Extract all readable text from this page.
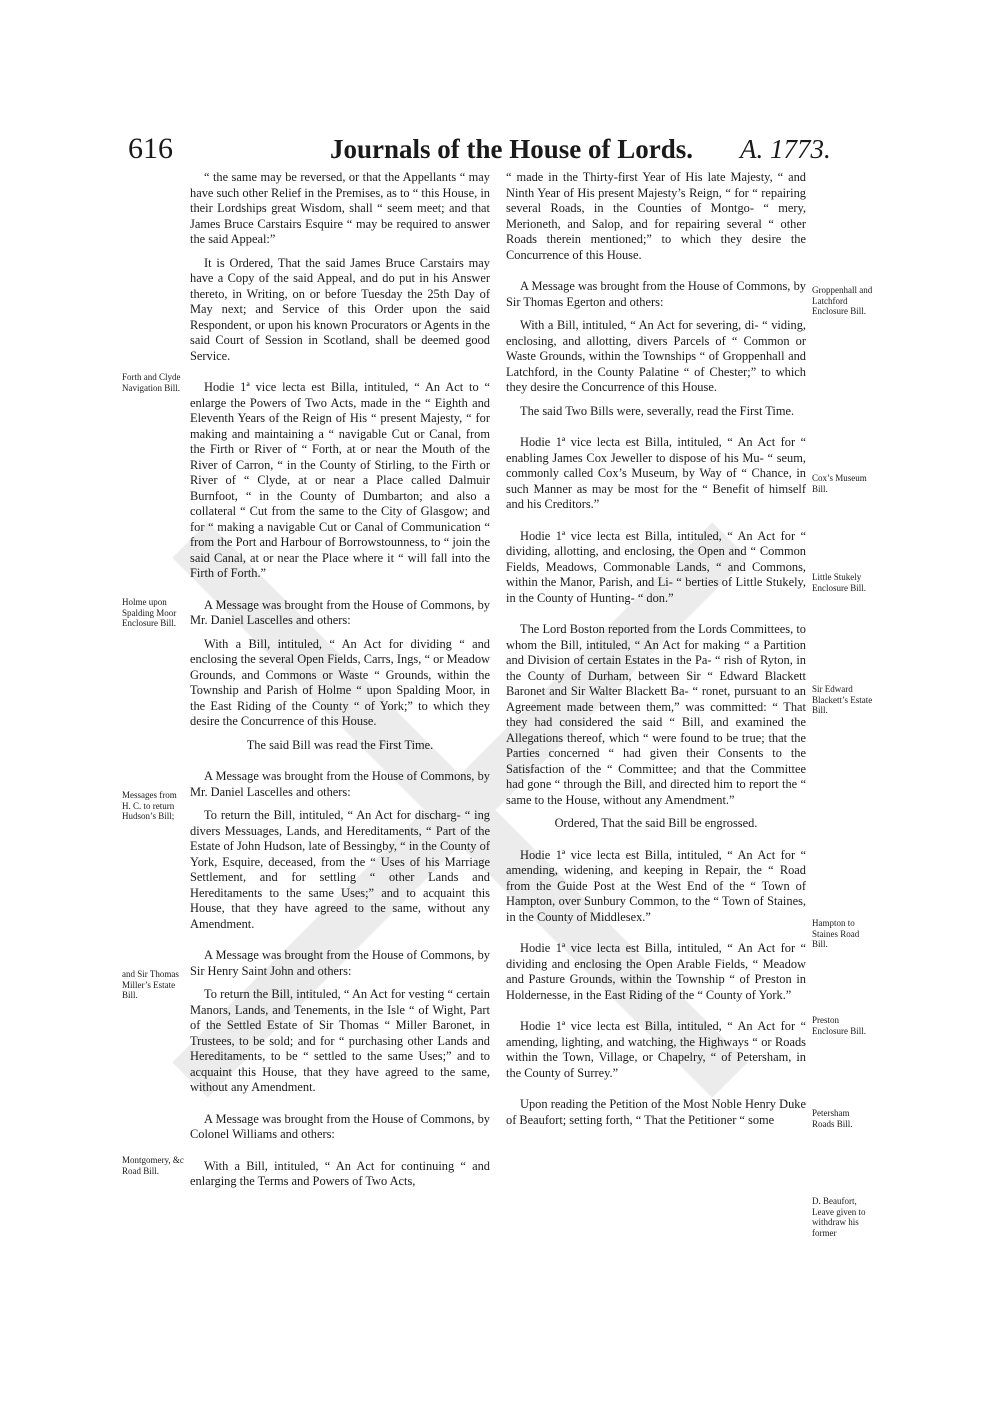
616	Journals of the House of Lords. A. 1773.

“ the same may be reversed, or that the Appellants “ may have such other Relief in the Premises, as to “ this House, in their Lordships great Wisdom, shall “ seem meet; and that James Bruce Carstairs Esquire “ may be required to answer the said Appeal:”

It is Ordered, That the said James Bruce Carstairs may have a Copy of the said Appeal, and do put in his Answer thereto, in Writing, on or before Tuesday the 25th Day of May next; and Service of this Order upon the said Respondent, or upon his known Procurators or Agents in the said Court of Session in Scotland, shall be deemed good Service.

Hodie 1ª vice lecta est Billa, intituled, “ An Act to “ enlarge the Powers of Two Acts, made in the “ Eighth and Eleventh Years of the Reign of His “ present Majesty, “ for making and maintaining a “ navigable Cut or Canal, from the Firth or River of “ Forth, at or near the Mouth of the River of Carron, “ in the County of Stirling, to the Firth or River of “ Clyde, at or near a Place called Dalmuir Burnfoot, “ in the County of Dumbarton; and also a collateral “ Cut from the same to the City of Glasgow; and for “ making a navigable Cut or Canal of Communication “ from the Port and Harbour of Borrowstounness, to “ join the said Canal, at or near the Place where it “ will fall into the Firth of Forth.”

A Message was brought from the House of Commons, by Mr. Daniel Lascelles and others:

With a Bill, intituled, “ An Act for dividing “ and enclosing the several Open Fields, Carrs, Ings, “ or Meadow Grounds, and Commons or Waste “ Grounds, within the Township and Parish of Holme “ upon Spalding Moor, in the East Riding of the County “ of York;” to which they desire the Concurrence of this House.

The said Bill was read the First Time.

A Message was brought from the House of Commons, by Mr. Daniel Lascelles and others:

To return the Bill, intituled, “ An Act for discharg- “ ing divers Messuages, Lands, and Hereditaments, “ Part of the Estate of John Hudson, late of Bessingby, “ in the County of York, Esquire, deceased, from the “ Uses of his Marriage Settlement, and for settling “ other Lands and Hereditaments to the same Uses;” and to acquaint this House, that they have agreed to the same, without any Amendment.

A Message was brought from the House of Commons, by Sir Henry Saint John and others:

To return the Bill, intituled, “ An Act for vesting “ certain Manors, Lands, and Tenements, in the Isle “ of Wight, Part of the Settled Estate of Sir Thomas “ Miller Baronet, in Trustees, to be sold; and for “ purchasing other Lands and Hereditaments, to be “ settled to the same Uses;” and to acquaint this House, that they have agreed to the same, without any Amendment.

A Message was brought from the House of Commons, by Colonel Williams and others:

With a Bill, intituled, “ An Act for continuing “ and enlarging the Terms and Powers of Two Acts,

“ made in the Thirty-first Year of His late Majesty, “ and Ninth Year of His present Majesty’s Reign, “ for “ repairing several Roads, in the Counties of Montgo- “ mery, Merioneth, and Salop, and for repairing several “ other Roads therein mentioned;” to which they desire the Concurrence of this House.

A Message was brought from the House of Commons, by Sir Thomas Egerton and others:

With a Bill, intituled, “ An Act for severing, di- “ viding, enclosing, and allotting, divers Parcels of “ Common or Waste Grounds, within the Townships “ of Groppenhall and Latchford, in the County Palatine “ of Chester;” to which they desire the Concurrence of this House.

The said Two Bills were, severally, read the First Time.

Hodie 1ª vice lecta est Billa, intituled, “ An Act for “ enabling James Cox Jeweller to dispose of his Mu- “ seum, commonly called Cox’s Museum, by Way of “ Chance, in such Manner as may be most for the “ Benefit of himself and his Creditors.”

Hodie 1ª vice lecta est Billa, intituled, “ An Act for “ dividing, allotting, and enclosing, the Open and “ Common Fields, Meadows, Commonable Lands, “ and Commons, within the Manor, Parish, and Li- “ berties of Little Stukely, in the County of Hunting- “ don.”

The Lord Boston reported from the Lords Committees, to whom the Bill, intituled, “ An Act for making “ a Partition and Division of certain Estates in the Pa- “ rish of Ryton, in the County of Durham, between Sir “ Edward Blackett Baronet and Sir Walter Blackett Ba- “ ronet, pursuant to an Agreement made between them,” was committed: “ That they had considered the said “ Bill, and examined the Allegations thereof, which “ were found to be true; that the Parties concerned “ had given their Consents to the Satisfaction of the “ Committee; and that the Committee had gone “ through the Bill, and directed him to report the “ same to the House, without any Amendment.”

Ordered, That the said Bill be engrossed.

Hodie 1ª vice lecta est Billa, intituled, “ An Act for “ amending, widening, and keeping in Repair, the “ Road from the Guide Post at the West End of the “ Town of Hampton, over Sunbury Common, to the “ Town of Staines, in the County of Middlesex.”

Hodie 1ª vice lecta est Billa, intituled, “ An Act for “ dividing and enclosing the Open Arable Fields, “ Meadow and Pasture Grounds, within the Township “ of Preston in Holdernesse, in the East Riding of the “ County of York.”

Hodie 1ª vice lecta est Billa, intituled, “ An Act for “ amending, lighting, and watching, the Highways “ or Roads within the Town, Village, or Chapelry, “ of Petersham, in the County of Surrey.”

Upon reading the Petition of the Most Noble Henry Duke of Beaufort; setting forth, “ That the Petitioner “ some

Forth and Clyde Navigation Bill.
Holme upon Spalding Moor Enclosure Bill.
Messages from H. C. to return Hudson’s Bill;
and Sir Thomas Miller’s Estate Bill.
Montgomery, &c Road Bill.
Groppenhall and Latchford Enclosure Bill.
Cox’s Museum Bill.
Little Stukely Enclosure Bill.
Sir Edward Blackett’s Estate Bill.
Hampton to Staines Road Bill.
Preston Enclosure Bill.
Petersham Roads Bill.
D. Beaufort, Leave given to withdraw his former
